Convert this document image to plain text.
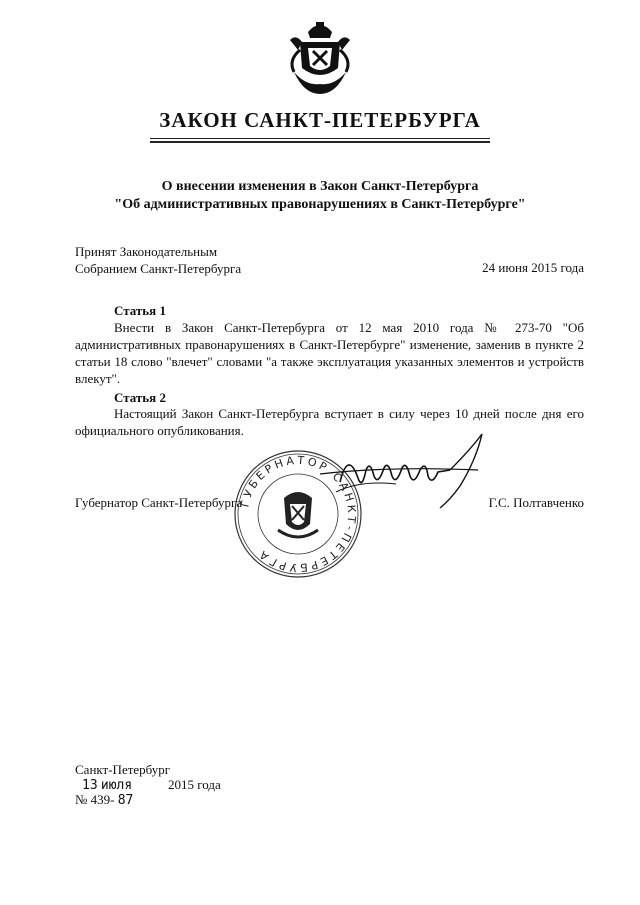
ЗАКОН САНКТ-ПЕТЕРБУРГА
О внесении изменения в Закон Санкт-Петербурга
"Об административных правонарушениях в Санкт-Петербурге"
Принят Законодательным
Собранием Санкт-Петербурга	24 июня 2015 года
Статья 1
Внести в Закон Санкт-Петербурга от 12 мая 2010 года № 273-70 "Об административных правонарушениях в Санкт-Петербурге" изменение, заменив в пункте 2 статьи 18 слово "влечет" словами "а также эксплуатация указанных элементов и устройств влекут".
Статья 2
Настоящий Закон Санкт-Петербурга вступает в силу через 10 дней после дня его официального опубликования.
Губернатор Санкт-Петербурга	Г.С. Полтавченко
ГУБЕРНАТОР САНКТ-ПЕТЕРБУРГА
Санкт-Петербург
13 июля	2015 года
№ 439- 87
